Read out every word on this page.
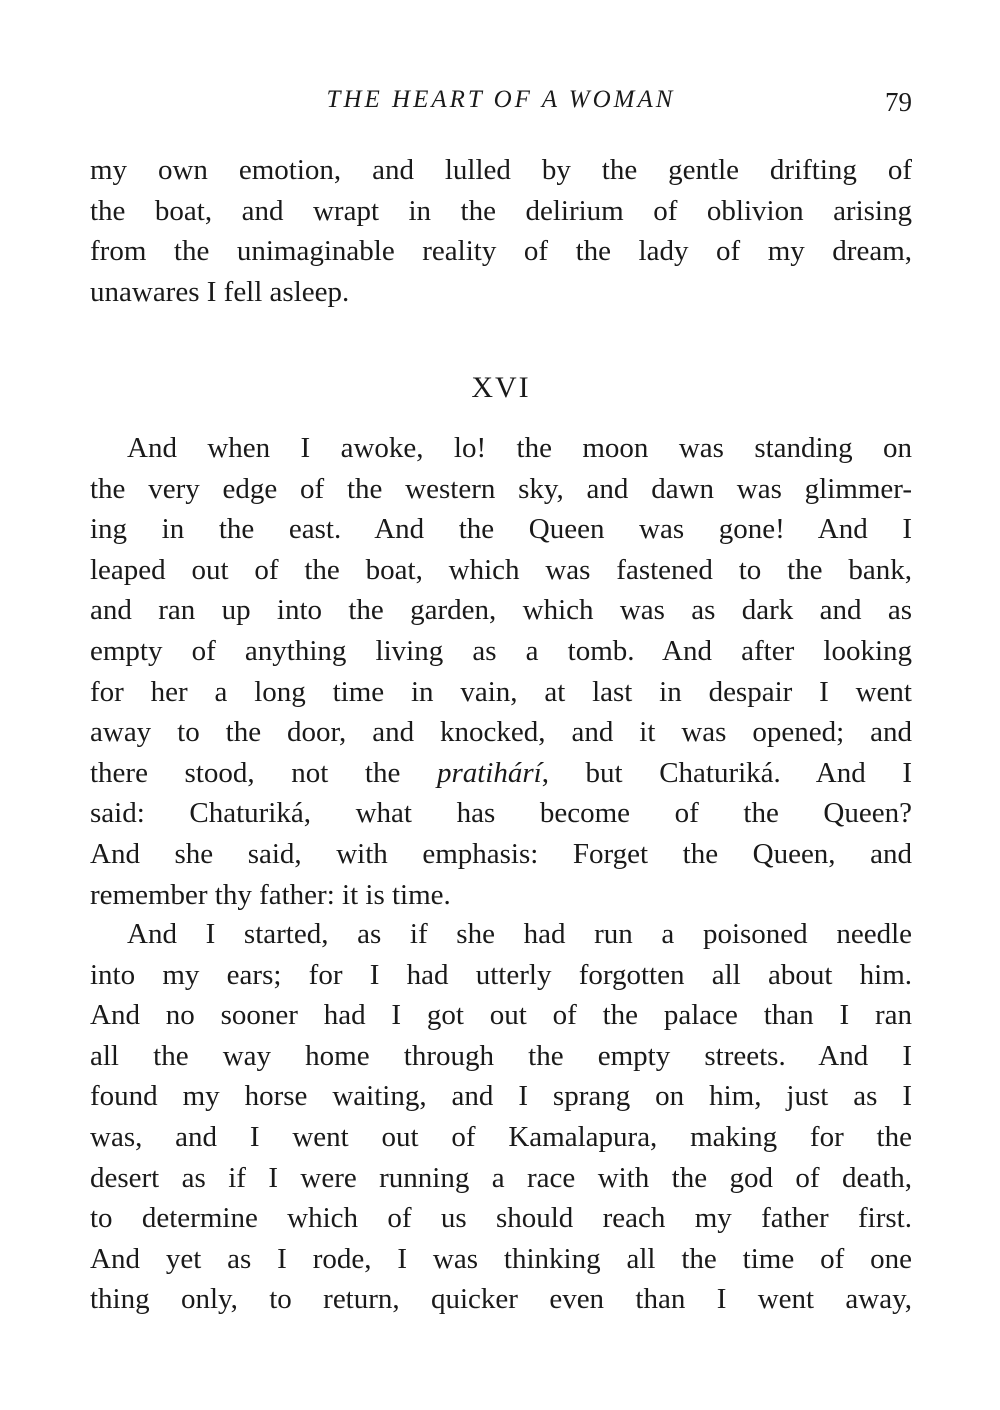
THE HEART OF A WOMAN	79
my own emotion, and lulled by the gentle drifting of
the boat, and wrapt in the delirium of oblivion arising
from the unimaginable reality of the lady of my dream,
unawares I fell asleep.
XVI
And when I awoke, lo! the moon was standing on
the very edge of the western sky, and dawn was glimmer-
ing in the east. And the Queen was gone! And I
leaped out of the boat, which was fastened to the bank,
and ran up into the garden, which was as dark and as
empty of anything living as a tomb. And after looking
for her a long time in vain, at last in despair I went
away to the door, and knocked, and it was opened; and
there stood, not the pratihárí, but Chaturiká. And I
said: Chaturiká, what has become of the Queen?
And she said, with emphasis: Forget the Queen, and
remember thy father: it is time.
And I started, as if she had run a poisoned needle
into my ears; for I had utterly forgotten all about him.
And no sooner had I got out of the palace than I ran
all the way home through the empty streets. And I
found my horse waiting, and I sprang on him, just as I
was, and I went out of Kamalapura, making for the
desert as if I were running a race with the god of death,
to determine which of us should reach my father first.
And yet as I rode, I was thinking all the time of one
thing only, to return, quicker even than I went away,
